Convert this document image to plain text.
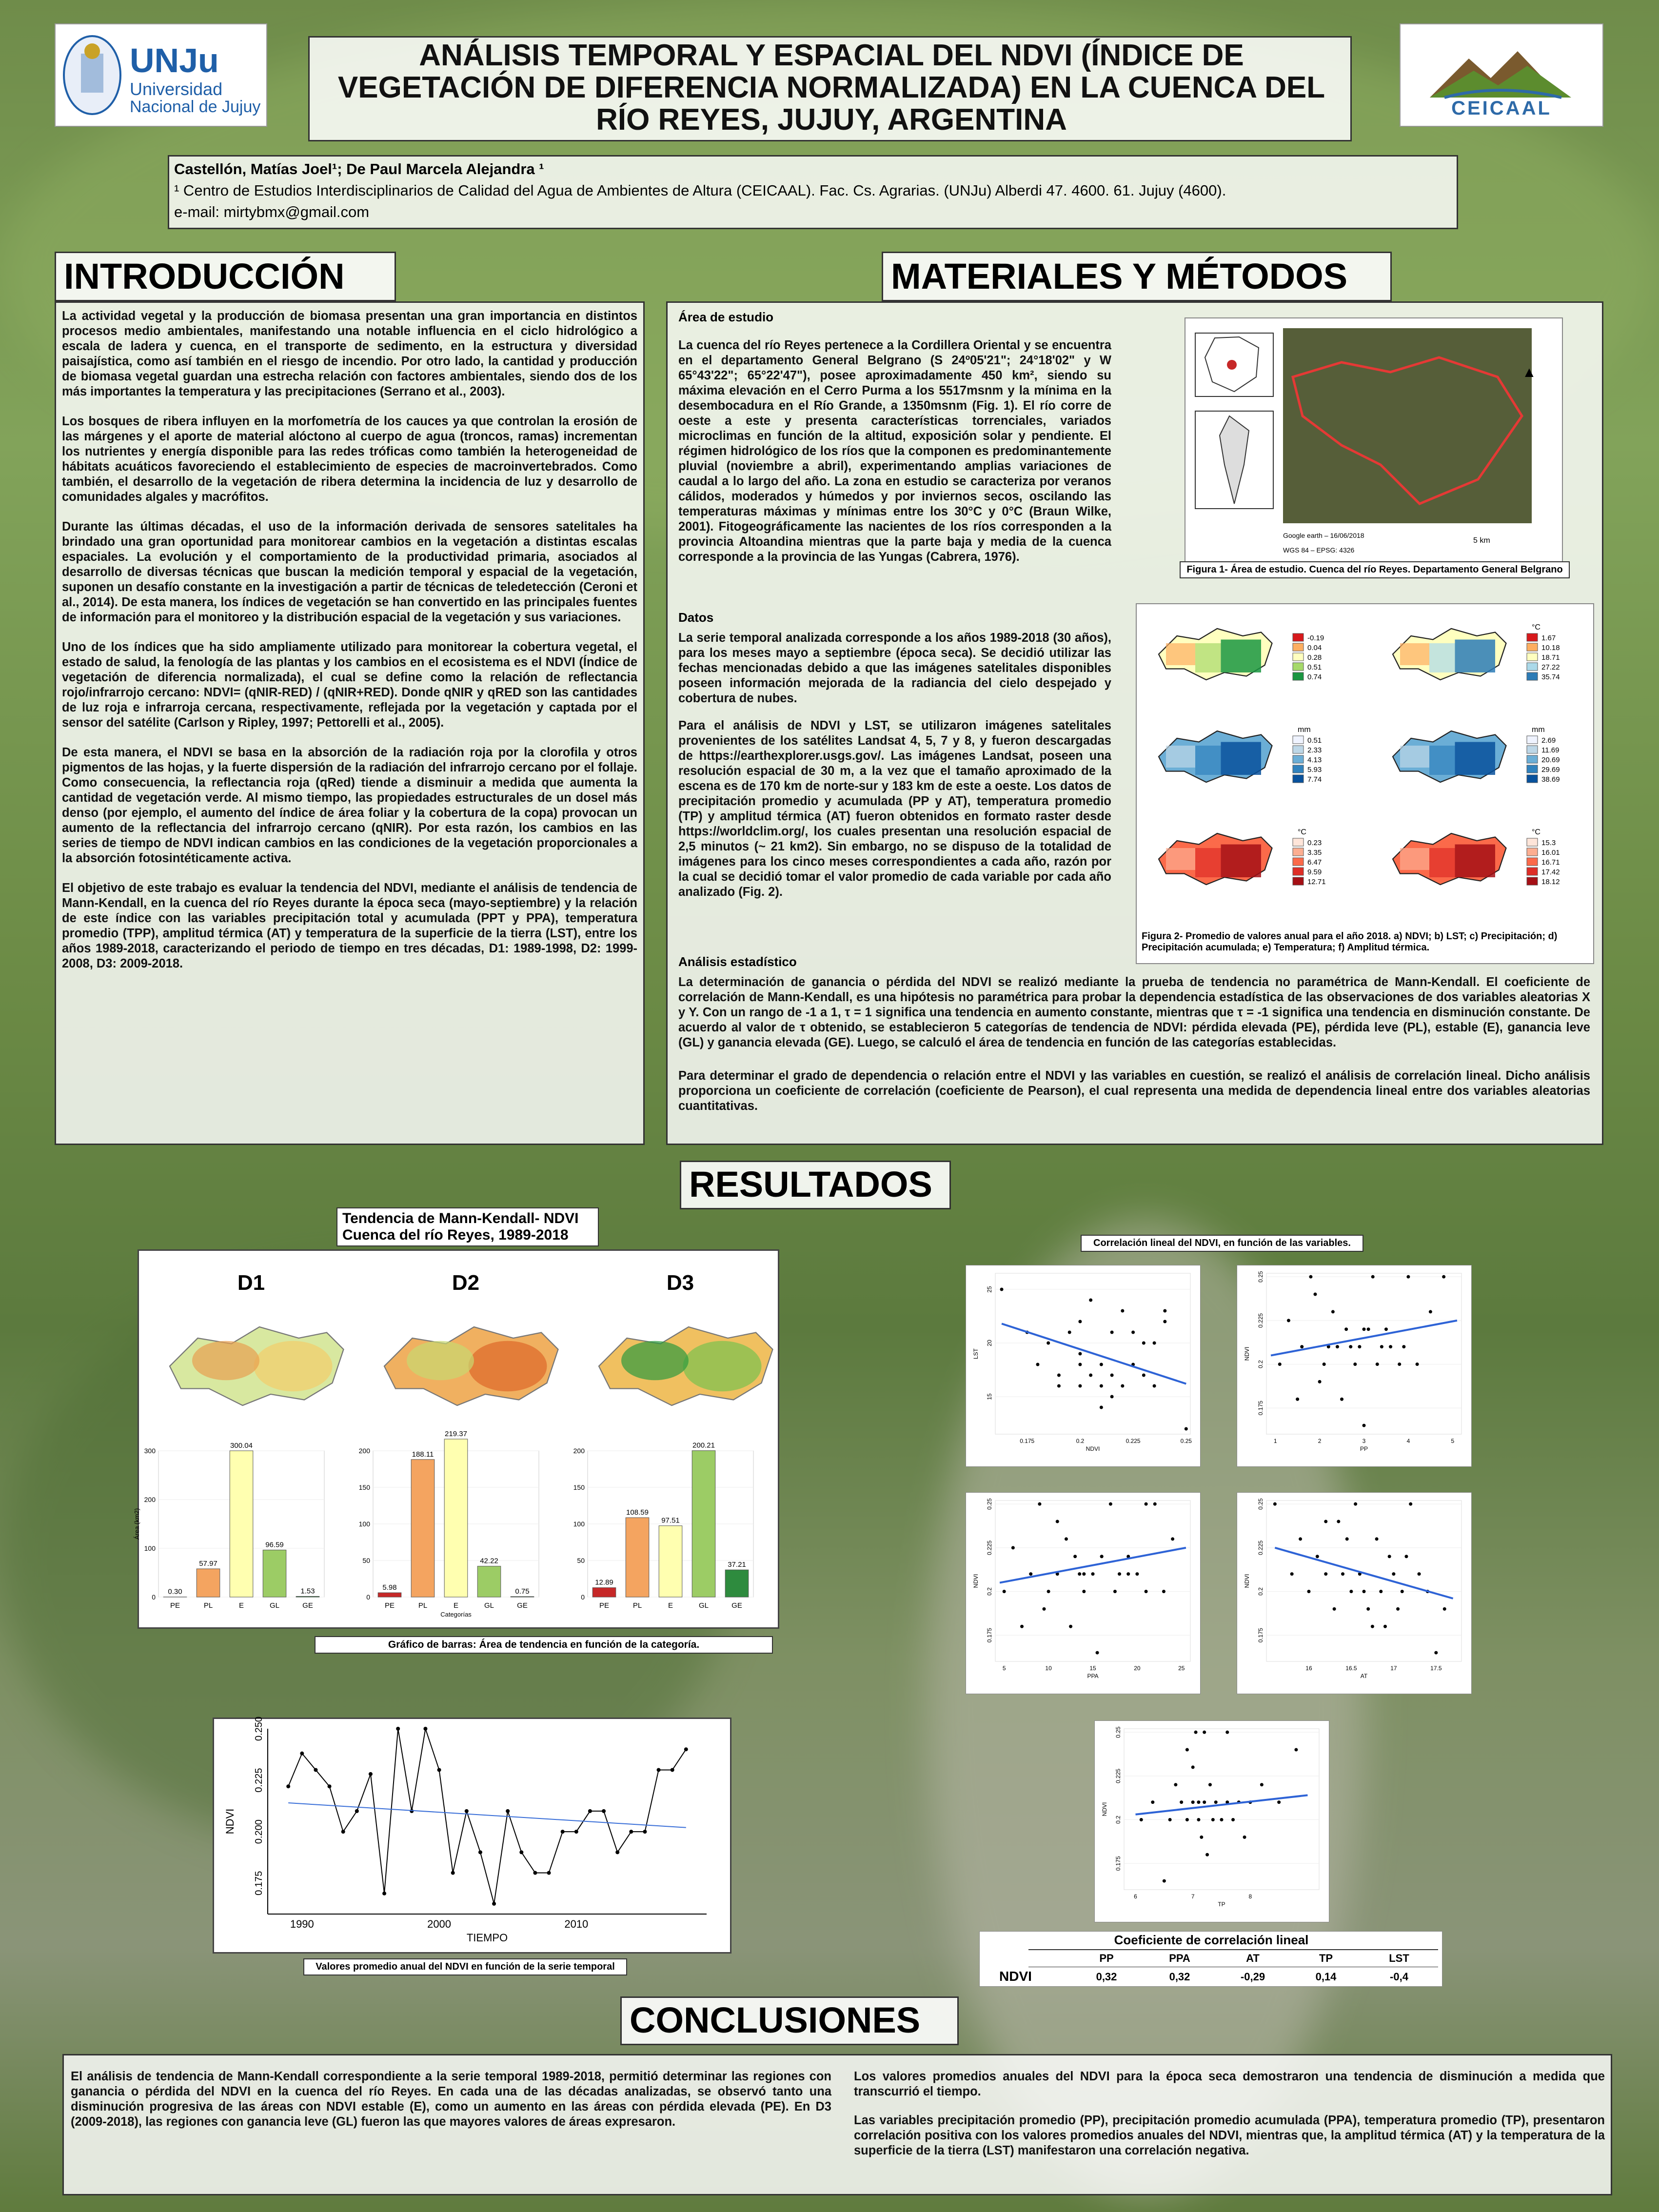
UNJu
Universidad
Nacional de Jujuy
ANÁLISIS TEMPORAL Y ESPACIAL DEL NDVI (ÍNDICE DE VEGETACIÓN DE DIFERENCIA NORMALIZADA) EN LA CUENCA DEL RÍO REYES, JUJUY, ARGENTINA	CEICAAL
Castellón, Matías Joel¹; De Paul Marcela Alejandra ¹
¹ Centro de Estudios Interdisciplinarios de Calidad del Agua de Ambientes de Altura (CEICAAL). Fac. Cs. Agrarias. (UNJu) Alberdi 47. 4600. 61. Jujuy (4600).
e-mail: mirtybmx@gmail.com
INTRODUCCIÓN

La actividad vegetal y la producción de biomasa presentan una gran importancia en distintos procesos medio ambientales, manifestando una notable influencia en el ciclo hidrológico a escala de ladera y cuenca, en el transporte de sedimento, en la estructura y diversidad paisajística, como así también en el riesgo de incendio. Por otro lado, la cantidad y producción de biomasa vegetal guardan una estrecha relación con factores ambientales, siendo dos de los más importantes la temperatura y las precipitaciones (Serrano et al., 2003).

Los bosques de ribera influyen en la morfometría de los cauces ya que controlan la erosión de las márgenes y el aporte de material alóctono al cuerpo de agua (troncos, ramas) incrementan los nutrientes y energía disponible para las redes tróficas como también la heterogeneidad de hábitats acuáticos favoreciendo el establecimiento de especies de macroinvertebrados. Como también, el desarrollo de la vegetación de ribera determina la incidencia de luz y desarrollo de comunidades algales y macrófitos.

Durante las últimas décadas, el uso de la información derivada de sensores satelitales ha brindado una gran oportunidad para monitorear cambios en la vegetación a distintas escalas espaciales. La evolución y el comportamiento de la productividad primaria, asociados al desarrollo de diversas técnicas que buscan la medición temporal y espacial de la vegetación, suponen un desafío constante en la investigación a partir de técnicas de teledetección (Ceroni et al., 2014). De esta manera, los índices de vegetación se han convertido en las principales fuentes de información para el monitoreo y la distribución espacial de la vegetación y sus variaciones.

Uno de los índices que ha sido ampliamente utilizado para monitorear la cobertura vegetal, el estado de salud, la fenología de las plantas y los cambios en el ecosistema es el NDVI (Índice de vegetación de diferencia normalizada), el cual se define como la relación de reflectancia rojo/infrarrojo cercano: NDVI= (qNIR-RED) / (qNIR+RED). Donde qNIR y qRED son las cantidades de luz roja e infrarroja cercana, respectivamente, reflejada por la vegetación y captada por el sensor del satélite (Carlson y Ripley, 1997; Pettorelli et al., 2005).

De esta manera, el NDVI se basa en la absorción de la radiación roja por la clorofila y otros pigmentos de las hojas, y la fuerte dispersión de la radiación del infrarrojo cercano por el follaje. Como consecuencia, la reflectancia roja (qRed) tiende a disminuir a medida que aumenta la cantidad de vegetación verde. Al mismo tiempo, las propiedades estructurales de un dosel más denso (por ejemplo, el aumento del índice de área foliar y la cobertura de la copa) provocan un aumento de la reflectancia del infrarrojo cercano (qNIR). Por esta razón, los cambios en las series de tiempo de NDVI indican cambios en las condiciones de la vegetación proporcionales a la absorción fotosintéticamente activa.

El objetivo de este trabajo es evaluar la tendencia del NDVI, mediante el análisis de tendencia de Mann-Kendall, en la cuenca del río Reyes durante la época seca (mayo-septiembre) y la relación de este índice con las variables precipitación total y acumulada (PPT y PPA), temperatura promedio (TPP), amplitud térmica (AT) y temperatura de la superficie de la tierra (LST), entre los años 1989-2018, caracterizando el periodo de tiempo en tres décadas, D1: 1989-1998, D2: 1999-2008, D3: 2009-2018.

MATERIALES Y MÉTODOS
Área de estudio

La cuenca del río Reyes pertenece a la Cordillera Oriental y se encuentra en el departamento General Belgrano (S 24º05'21"; 24°18'02" y W 65°43'22"; 65°22'47"), posee aproximadamente 450 km², siendo su máxima elevación en el Cerro Purma a los 5517msnm y la mínima en la desembocadura en el Río Grande, a 1350msnm (Fig. 1). El río corre de oeste a este y presenta características torrenciales, variados microclimas en función de la altitud, exposición solar y pendiente. El régimen hidrológico de los ríos que la componen es predominantemente pluvial (noviembre a abril), experimentando amplias variaciones de caudal a lo largo del año. La zona en estudio se caracteriza por veranos cálidos, moderados y húmedos y por inviernos secos, oscilando las temperaturas máximas y mínimas entre los 30°C y 0°C (Braun Wilke, 2001). Fitogeográficamente las nacientes de los ríos corresponden a la provincia Altoandina mientras que la parte baja y media de la cuenca corresponde a la provincia de las Yungas (Cabrera, 1976).

▲
5 km
Google earth – 16/06/2018
WGS 84 – EPSG: 4326
Figura 1- Área de estudio. Cuenca del río Reyes. Departamento General Belgrano
Datos

La serie temporal analizada corresponde a los años 1989-2018 (30 años), para los meses mayo a septiembre (época seca). Se decidió utilizar las fechas mencionadas debido a que las imágenes satelitales disponibles poseen información mejorada de la radiancia del cielo despejado y cobertura de nubes.

Para el análisis de NDVI y LST, se utilizaron imágenes satelitales provenientes de los satélites Landsat 4, 5, 7 y 8, y fueron descargadas de https://earthexplorer.usgs.gov/. Las imágenes Landsat, poseen una resolución espacial de 30 m, a la vez que el tamaño aproximado de la escena es de 170 km de norte-sur y 183 km de este a oeste. Los datos de precipitación promedio y acumulada (PP y AT), temperatura promedio (TP) y amplitud térmica (AT) fueron obtenidos en formato raster desde https://worldclim.org/, los cuales presentan una resolución espacial de 2,5 minutos (~ 21 km2). Sin embargo, no se dispuso de la totalidad de imágenes para los cinco meses correspondientes a cada año, razón por la cual se decidió tomar el valor promedio de cada variable por cada año analizado (Fig. 2).

-0.19
0.04
0.28
0.51
0.74
°C
1.67
10.18
18.71
27.22
35.74
mm
0.51
2.33
4.13
5.93
7.74
mm
2.69
11.69
20.69
29.69
38.69
°C
0.23
3.35
6.47
9.59
12.71
°C
15.3
16.01
16.71
17.42
18.12
Figura 2- Promedio de valores anual para el año 2018. a) NDVI; b) LST; c) Precipitación; d) Precipitación acumulada; e) Temperatura; f) Amplitud térmica.
Análisis estadístico

La determinación de ganancia o pérdida del NDVI se realizó mediante la prueba de tendencia no paramétrica de Mann-Kendall. El coeficiente de correlación de Mann-Kendall, es una hipótesis no paramétrica para probar la dependencia estadística de las observaciones de dos variables aleatorias X y Y. Con un rango de -1 a 1, τ = 1 significa una tendencia en aumento constante, mientras que τ = -1 significa una tendencia en disminución constante. De acuerdo al valor de τ obtenido, se establecieron 5 categorías de tendencia de NDVI: pérdida elevada (PE), pérdida leve (PL), estable (E), ganancia leve (GL) y ganancia elevada (GE). Luego, se calculó el área de tendencia en función de las categorías establecidas.

Para determinar el grado de dependencia o relación entre el NDVI y las variables en cuestión, se realizó el análisis de correlación lineal. Dicho análisis proporciona un coeficiente de correlación (coeficiente de Pearson), el cual representa una medida de dependencia lineal entre dos variables aleatorias cuantitativas.

RESULTADOS
Tendencia de Mann-Kendall- NDVI
Cuenca del río Reyes, 1989-2018
D1	D2	D3
0
100
200
300
0.30
PE
57.97
PL
300.04
E
96.59
GL
1.53
GE
Área (km2)
0
50
100
150
200
5.98
PE
188.11
PL
219.37
E
42.22
GL
0.75
GE
Categorías
0
50
100
150
200
12.89
PE
108.59
PL
97.51
E
200.21
GL
37.21
GE
Gráfico de barras: Área de tendencia en función de la categoría.
0.175
0.200
0.225
0.250
1990	2000	2010
TIEMPO
NDVI
Valores promedio anual del NDVI en función de la serie temporal
Correlación lineal del NDVI, en función de las variables.
15
20
25
0.175	0.2	0.225	0.25
NDVI
LST
0.175
0.2
0.225
0.25
1	2	3	4	5
PP
NDVI
0.175
0.2
0.225
0.25
5	10	15	20	25
PPA
NDVI
0.175
0.2
0.225
0.25
16	16.5	17	17.5
AT
NDVI
0.175
0.2
0.225
0.25
6	7	8
TP
NDVI
Coeficiente de correlación lineal
PP	PPA	AT	TP	LST
NDVI	0,32	0,32	-0,29	0,14	-0,4
CONCLUSIONES

El análisis de tendencia de Mann-Kendall correspondiente a la serie temporal 1989-2018, permitió determinar las regiones con ganancia o pérdida del NDVI en la cuenca del río Reyes. En cada una de las décadas analizadas, se observó tanto una disminución progresiva de las áreas con NDVI estable (E), como un aumento en las áreas con pérdida elevada (PE). En D3 (2009-2018), las regiones con ganancia leve (GL) fueron las que mayores valores de áreas expresaron.

Los valores promedios anuales del NDVI para la época seca demostraron una tendencia de disminución a medida que transcurrió el tiempo.

Las variables precipitación promedio (PP), precipitación promedio acumulada (PPA), temperatura promedio (TP), presentaron correlación positiva con los valores promedios anuales del NDVI, mientras que, la amplitud térmica (AT) y la temperatura de la superficie de la tierra (LST) manifestaron una correlación negativa.
